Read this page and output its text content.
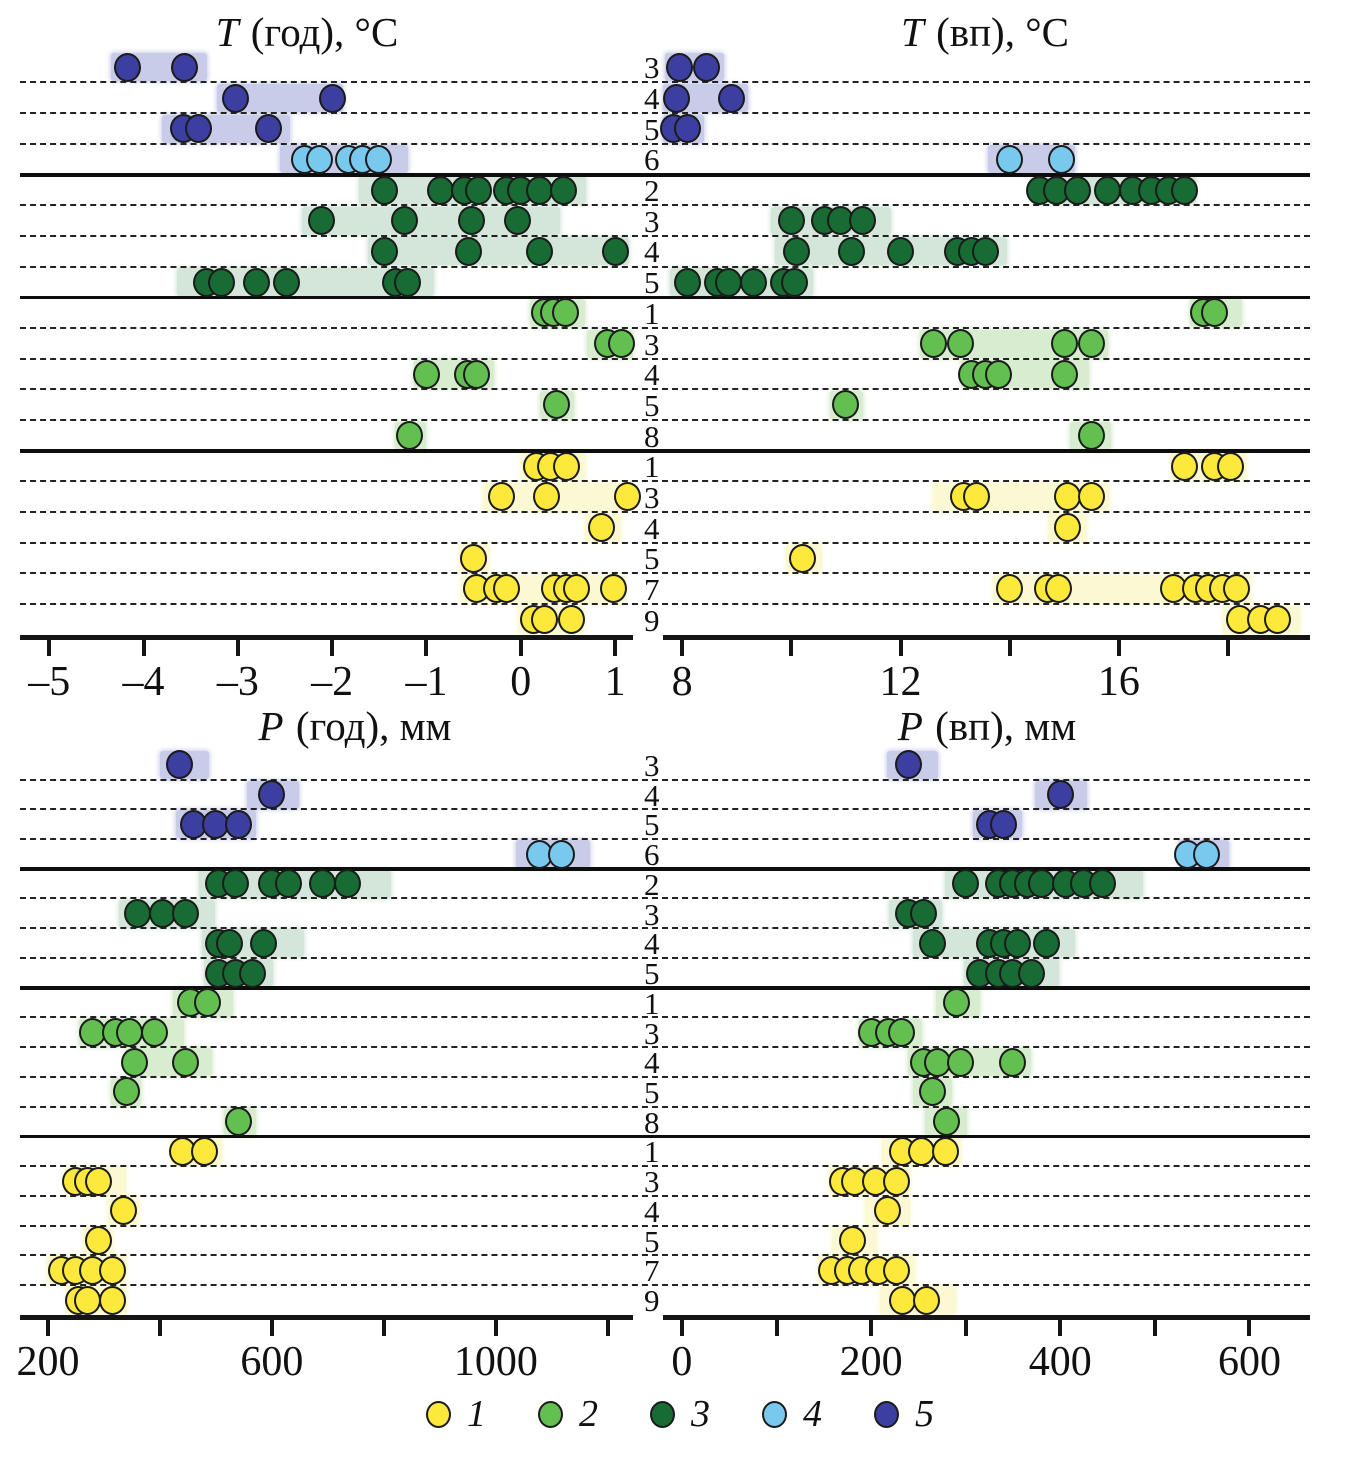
T (год), °C	T (вп), °C
P (год), мм	P (вп), мм
–5	–4	–3	–2	–1	0	1	8	12	16
200	600	1000	0	200	400	600
3
4
5
6
2
3
4
5
1
3
4
5
8
1
3
4
5
7
9
3
4
5
6
2
3
4
5
1
3
4
5
8
1
3
4
5
7
9
1 2 3 4 5
